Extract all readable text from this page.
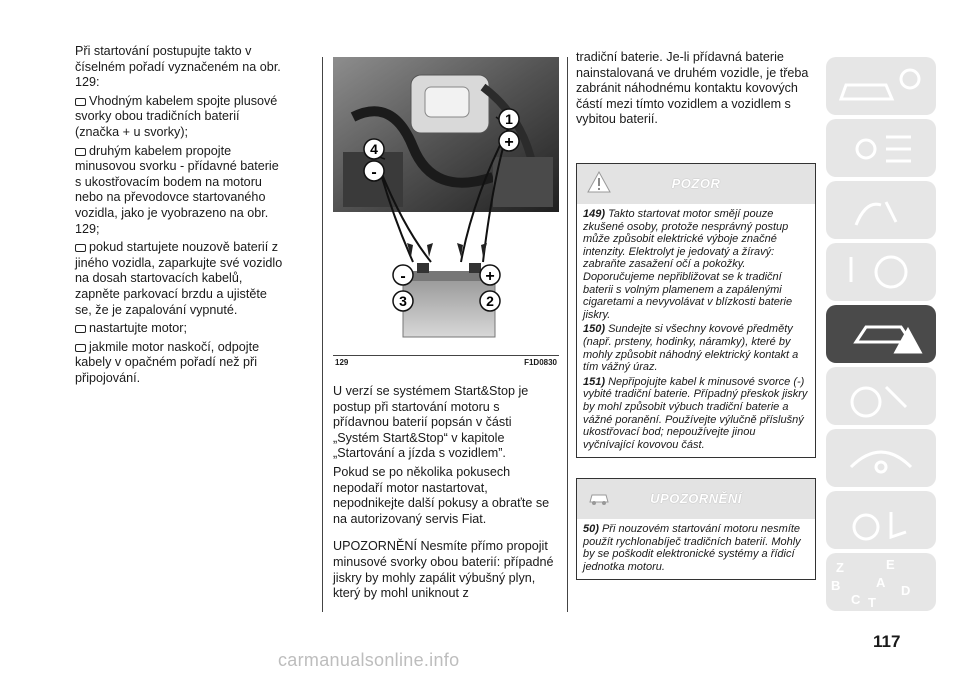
Při startování postupujte takto v číselném pořadí vyznačeném na obr. 129:

Vhodným kabelem spojte plusové svorky obou tradičních baterií (značka + u svorky);

druhým kabelem propojte minusovou svorku - přídavné baterie s ukostřovacím bodem na motoru nebo na převodovce startovaného vozidla, jako je vyobrazeno na obr. 129;

pokud startujete nouzově baterií z jiného vozidla, zaparkujte své vozidlo na dosah startovacích kabelů, zapněte parkovací brzdu a ujistěte se, že je zapalování vypnuté.

nastartujte motor;

jakmile motor naskočí, odpojte kabely v opačném pořadí než při připojování.

1
+
4
-
-	+
3	2
129	F1D0830

U verzí se systémem Start&Stop je postup při startování motoru s přídavnou baterií popsán v části „Systém Start&Stop“ v kapitole „Startování a jízda s vozidlem”.

Pokud se po několika pokusech nepodaří motor nastartovat, nepodnikejte další pokusy a obraťte se na autorizovaný servis Fiat.

UPOZORNĚNÍ Nesmíte přímo propojit minusové svorky obou baterií: případné jiskry by mohly zapálit výbušný plyn, který by mohl uniknout z

tradiční baterie. Je-li přídavná baterie nainstalovaná ve druhém vozidle, je třeba zabránit náhodnému kontaktu kovových částí mezi tímto vozidlem a vozidlem s vybitou baterií.

POZOR

149) Takto startovat motor smějí pouze zkušené osoby, protože nesprávný postup může způsobit elektrické výboje značné intenzity. Elektrolyt je jedovatý a žíravý: zabraňte zasažení očí a pokožky. Doporučujeme nepřibližovat se k tradiční baterii s volným plamenem a zapálenými cigaretami a nevyvolávat v blízkosti baterie jiskry.

150) Sundejte si všechny kovové předměty (např. prsteny, hodinky, náramky), které by mohly způsobit náhodný elektrický kontakt a tím vážný úraz.

151) Nepřipojujte kabel k minusové svorce (-) vybité tradiční baterie. Případný přeskok jiskry by mohl způsobit výbuch tradiční baterie a vážné poranění. Používejte výlučně příslušný ukostřovací bod; nepoužívejte jinou vyčnívající kovovou část.

UPOZORNĚNÍ

50) Při nouzovém startování motoru nesmíte použít rychlonabíječ tradičních baterií. Mohly by se poškodit elektronické systémy a řídicí jednotka motoru.	Z	E
B	A
C T
D
117
carmanualsonline.info
